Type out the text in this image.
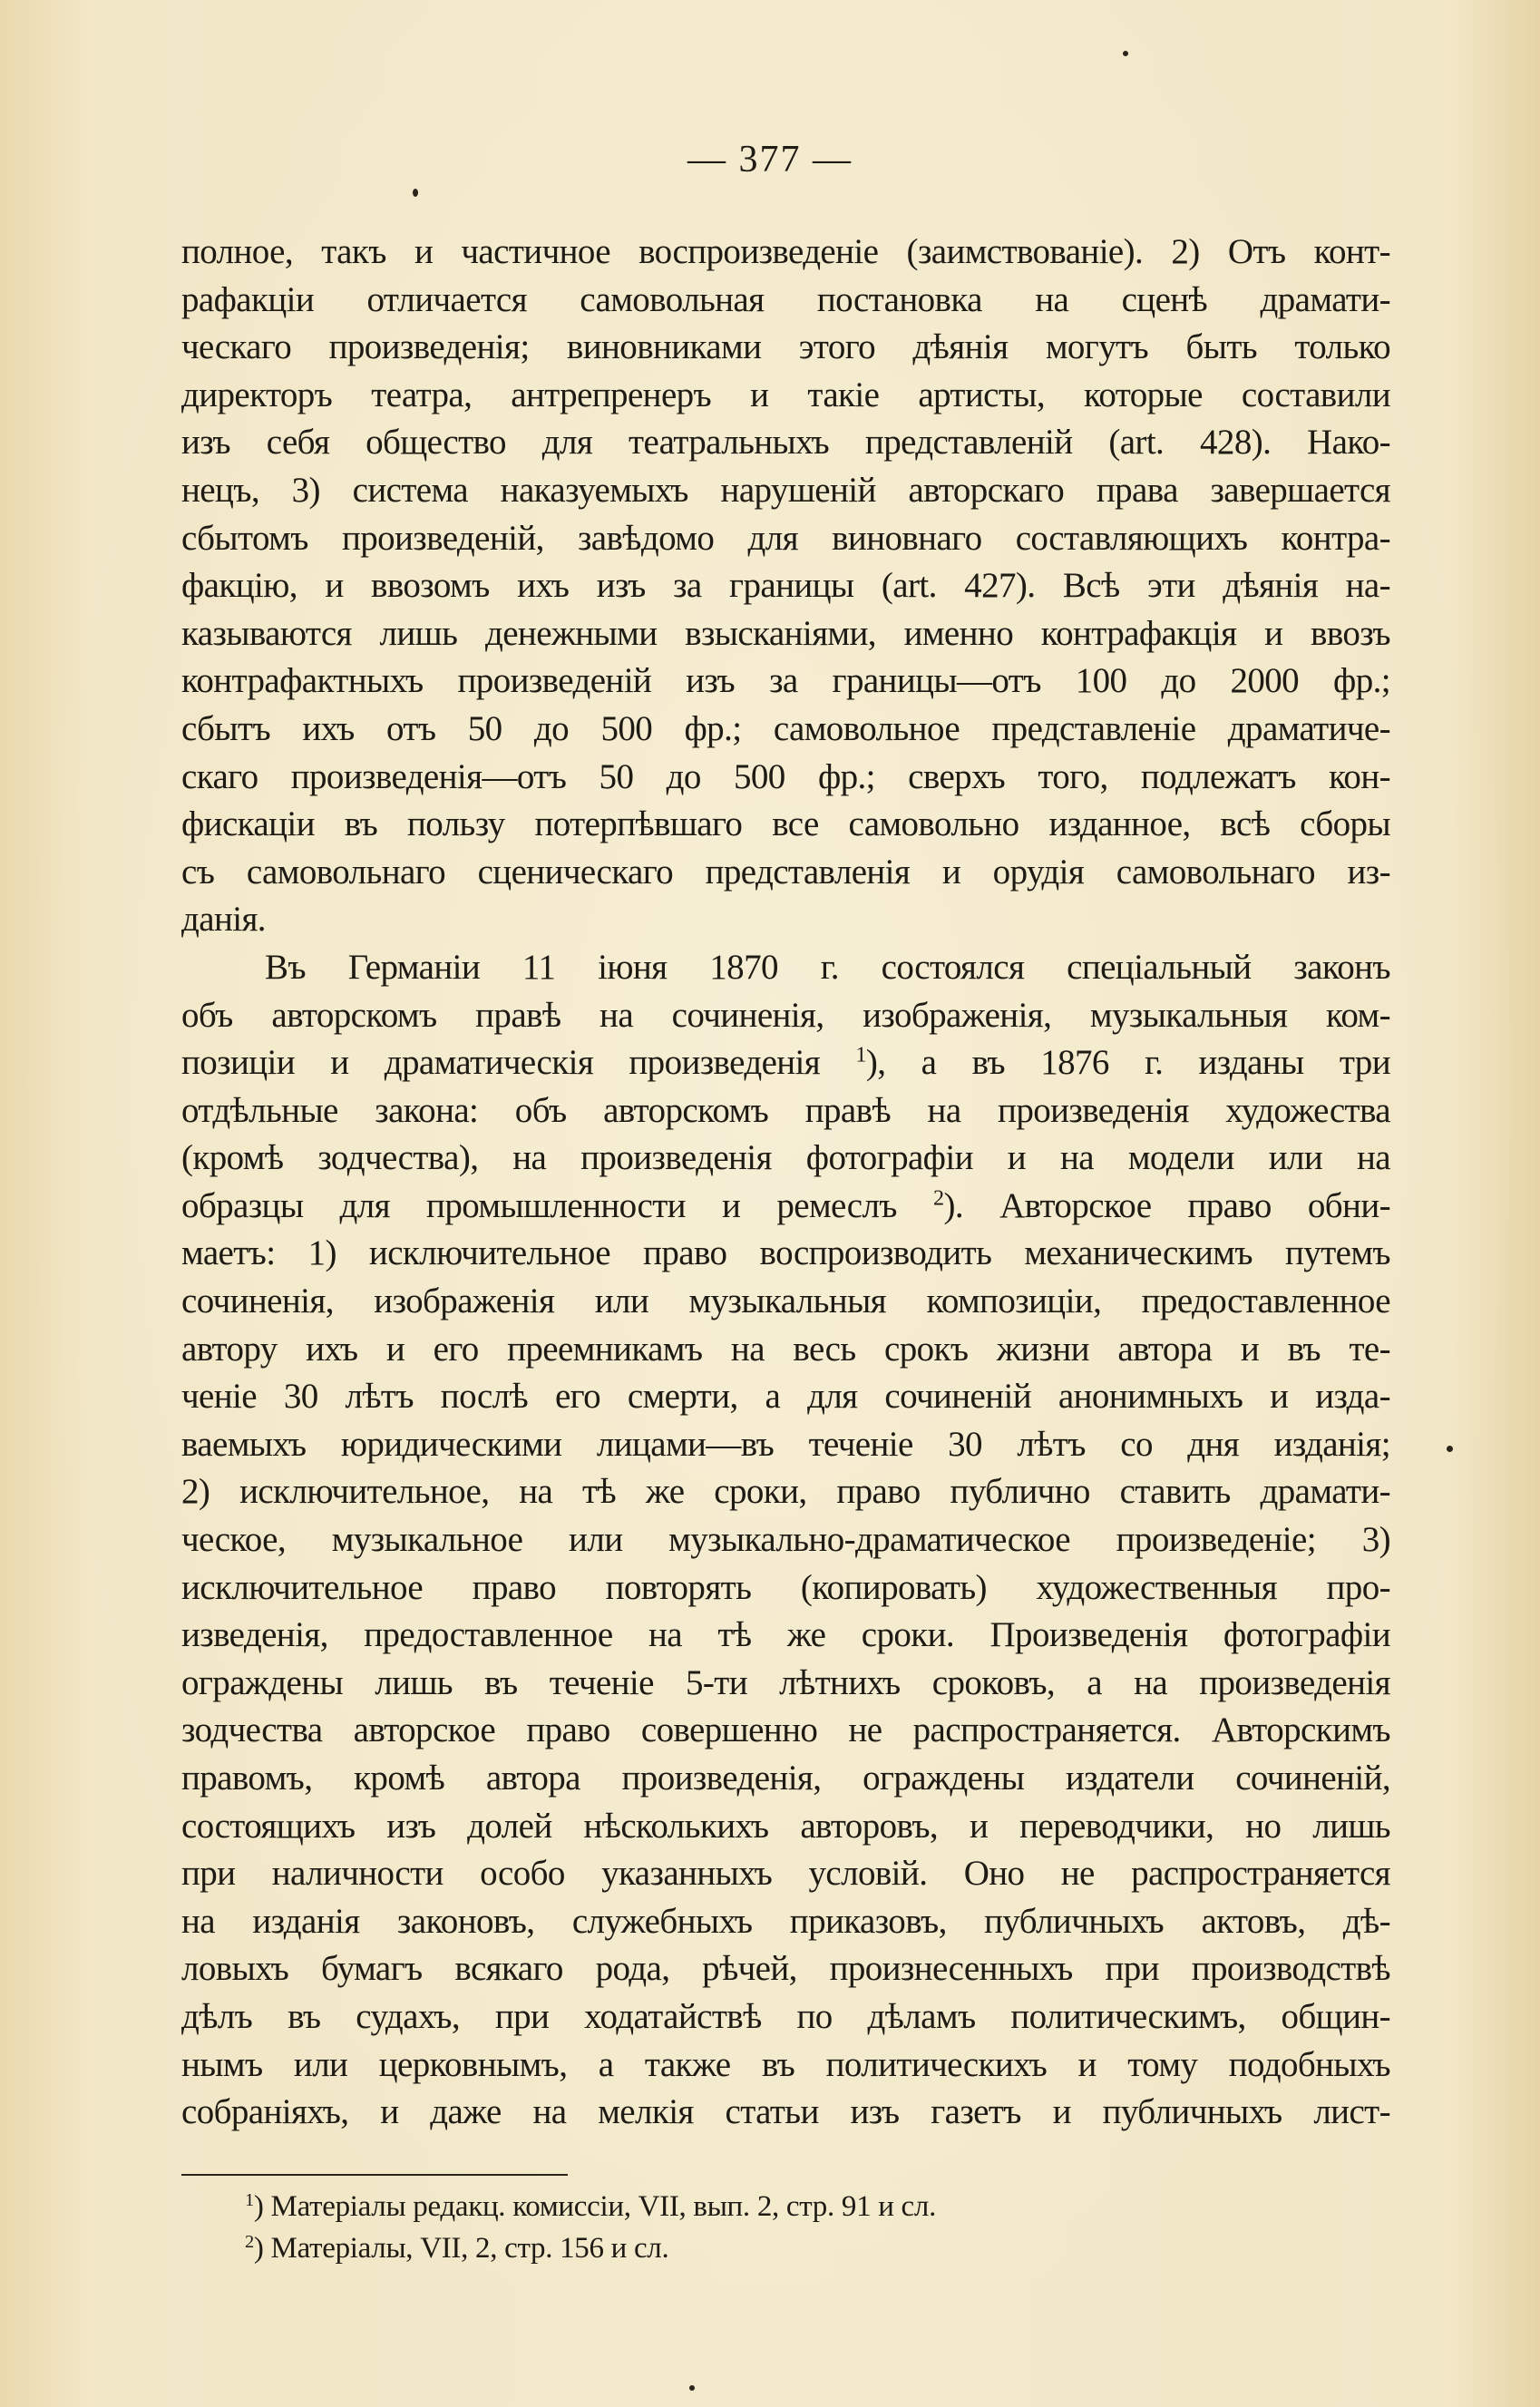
— 377 —
полное, такъ и частичное воспроизведенiе (заимствованiе). 2) Отъ конт-
рафакцiи отличается самовольная постановка на сценѣ драмати-
ческаго произведенiя; виновниками этого дѣянiя могутъ быть только
директоръ театра, антрепренеръ и такiе артисты, которые составили
изъ себя общество для театральныхъ представленiй (art. 428). Нако-
нецъ, 3) система наказуемыхъ нарушенiй авторскаго права завершается
сбытомъ произведенiй, завѣдомо для виновнаго составляющихъ контра-
факцiю, и ввозомъ ихъ изъ за границы (art. 427). Всѣ эти дѣянiя на-
казываются лишь денежными взысканiями, именно контрафакцiя и ввозъ
контрафактныхъ произведенiй изъ за границы—отъ 100 до 2000 фр.;
сбытъ ихъ отъ 50 до 500 фр.; самовольное представленiе драматиче-
скаго произведенiя—отъ 50 до 500 фр.; сверхъ того, подлежатъ кон-
фискацiи въ пользу потерпѣвшаго все самовольно изданное, всѣ сборы
съ самовольнаго сценическаго представленiя и орудiя самовольнаго из-
данiя.
Въ Германiи 11 iюня 1870 г. состоялся спецiальный законъ
объ авторскомъ правѣ на сочиненiя, изображенiя, музыкальныя ком-
позицiи и драматическiя произведенiя $^1$), а въ 1876 г. изданы три
отдѣльные закона: объ авторскомъ правѣ на произведенiя художества
(кромѣ зодчества), на произведенiя фотографiи и на модели или на
образцы для промышленности и ремеслъ $^2$). Авторское право обни-
маетъ: 1) исключительное право воспроизводить механическимъ путемъ
сочиненiя, изображенiя или музыкальныя композицiи, предоставленное
автору ихъ и его преемникамъ на весь срокъ жизни автора и въ те-
ченiе 30 лѣтъ послѣ его смерти, а для сочиненiй анонимныхъ и изда-
ваемыхъ юридическими лицами—въ теченiе 30 лѣтъ со дня изданiя;
2) исключительное, на тѣ же сроки, право публично ставить драмати-
ческое, музыкальное или музыкально-драматическое произведенiе; 3)
исключительное право повторять (копировать) художественныя про-
изведенiя, предоставленное на тѣ же сроки. Произведенiя фотографiи
ограждены лишь въ теченiе 5-ти лѣтнихъ сроковъ, а на произведенiя
зодчества авторское право совершенно не распространяется. Авторскимъ
правомъ, кромѣ автора произведенiя, ограждены издатели сочиненiй,
состоящихъ изъ долей нѣсколькихъ авторовъ, и переводчики, но лишь
при наличности особо указанныхъ условiй. Оно не распространяется
на изданiя законовъ, служебныхъ приказовъ, публичныхъ актовъ, дѣ-
ловыхъ бумагъ всякаго рода, рѣчей, произнесенныхъ при производствѣ
дѣлъ въ судахъ, при ходатайствѣ по дѣламъ политическимъ, общин-
нымъ или церковнымъ, а также въ политическихъ и тому подобныхъ
собранiяхъ, и даже на мелкiя статьи изъ газетъ и публичныхъ лист-
$^1$) Матерiалы редакц. комиссiи, VII, вып. 2, стр. 91 и сл.
$^2$) Матерiалы, VII, 2, стр. 156 и сл.
